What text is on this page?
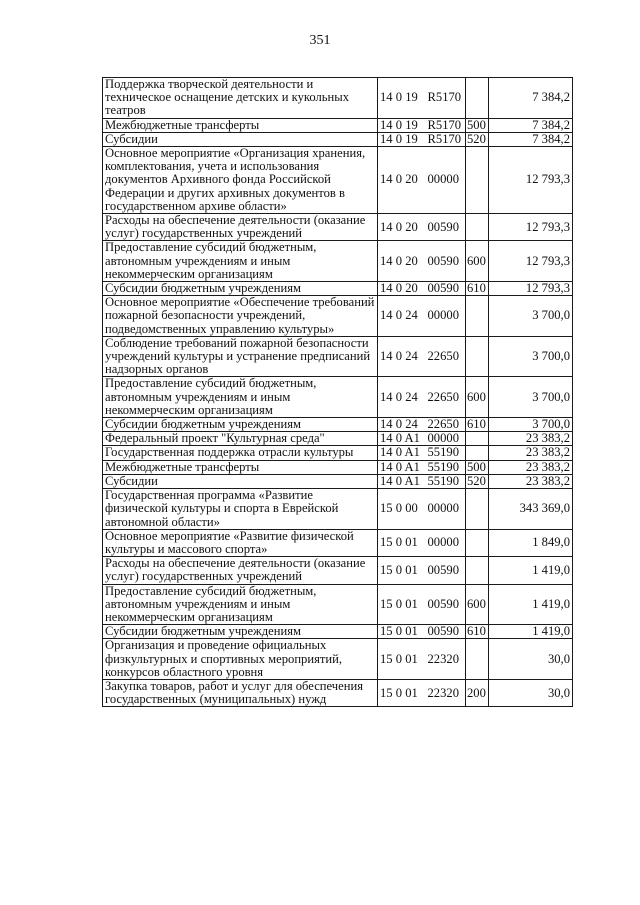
351
Поддержка творческой деятельности и техническое оснащение детских и кукольных театров	14 0 19	R5170		7 384,2
Межбюджетные трансферты	14 0 19	R5170	500	7 384,2
Субсидии	14 0 19	R5170	520	7 384,2
Основное мероприятие «Организация хранения, комплектования, учета и использования документов Архивного фонда Российской Федерации и других архивных документов в государственном архиве области»	14 0 20	00000		12 793,3
Расходы на обеспечение деятельности (оказание услуг) государственных учреждений	14 0 20	00590		12 793,3
Предоставление субсидий бюджетным, автономным учреждениям и иным некоммерческим организациям	14 0 20	00590	600	12 793,3
Субсидии бюджетным учреждениям	14 0 20	00590	610	12 793,3
Основное мероприятие «Обеспечение требований пожарной безопасности учреждений, подведомственных управлению культуры»	14 0 24	00000		3 700,0
Соблюдение требований пожарной безопасности учреждений культуры и устранение предписаний надзорных органов	14 0 24	22650		3 700,0
Предоставление субсидий бюджетным, автономным учреждениям и иным некоммерческим организациям	14 0 24	22650	600	3 700,0
Субсидии бюджетным учреждениям	14 0 24	22650	610	3 700,0
Федеральный проект "Культурная среда"	14 0 A1	00000		23 383,2
Государственная поддержка отрасли культуры	14 0 A1	55190		23 383,2
Межбюджетные трансферты	14 0 A1	55190	500	23 383,2
Субсидии	14 0 A1	55190	520	23 383,2
Государственная программа «Развитие физической культуры и спорта в Еврейской автономной области»	15 0 00	00000		343 369,0
Основное мероприятие «Развитие физической культуры и массового спорта»	15 0 01	00000		1 849,0
Расходы на обеспечение деятельности (оказание услуг) государственных учреждений	15 0 01	00590		1 419,0
Предоставление субсидий бюджетным, автономным учреждениям и иным некоммерческим организациям	15 0 01	00590	600	1 419,0
Субсидии бюджетным учреждениям	15 0 01	00590	610	1 419,0
Организация и проведение официальных физкультурных и спортивных мероприятий, конкурсов областного уровня	15 0 01	22320		30,0
Закупка товаров, работ и услуг для обеспечения государственных (муниципальных) нужд	15 0 01	22320	200	30,0
